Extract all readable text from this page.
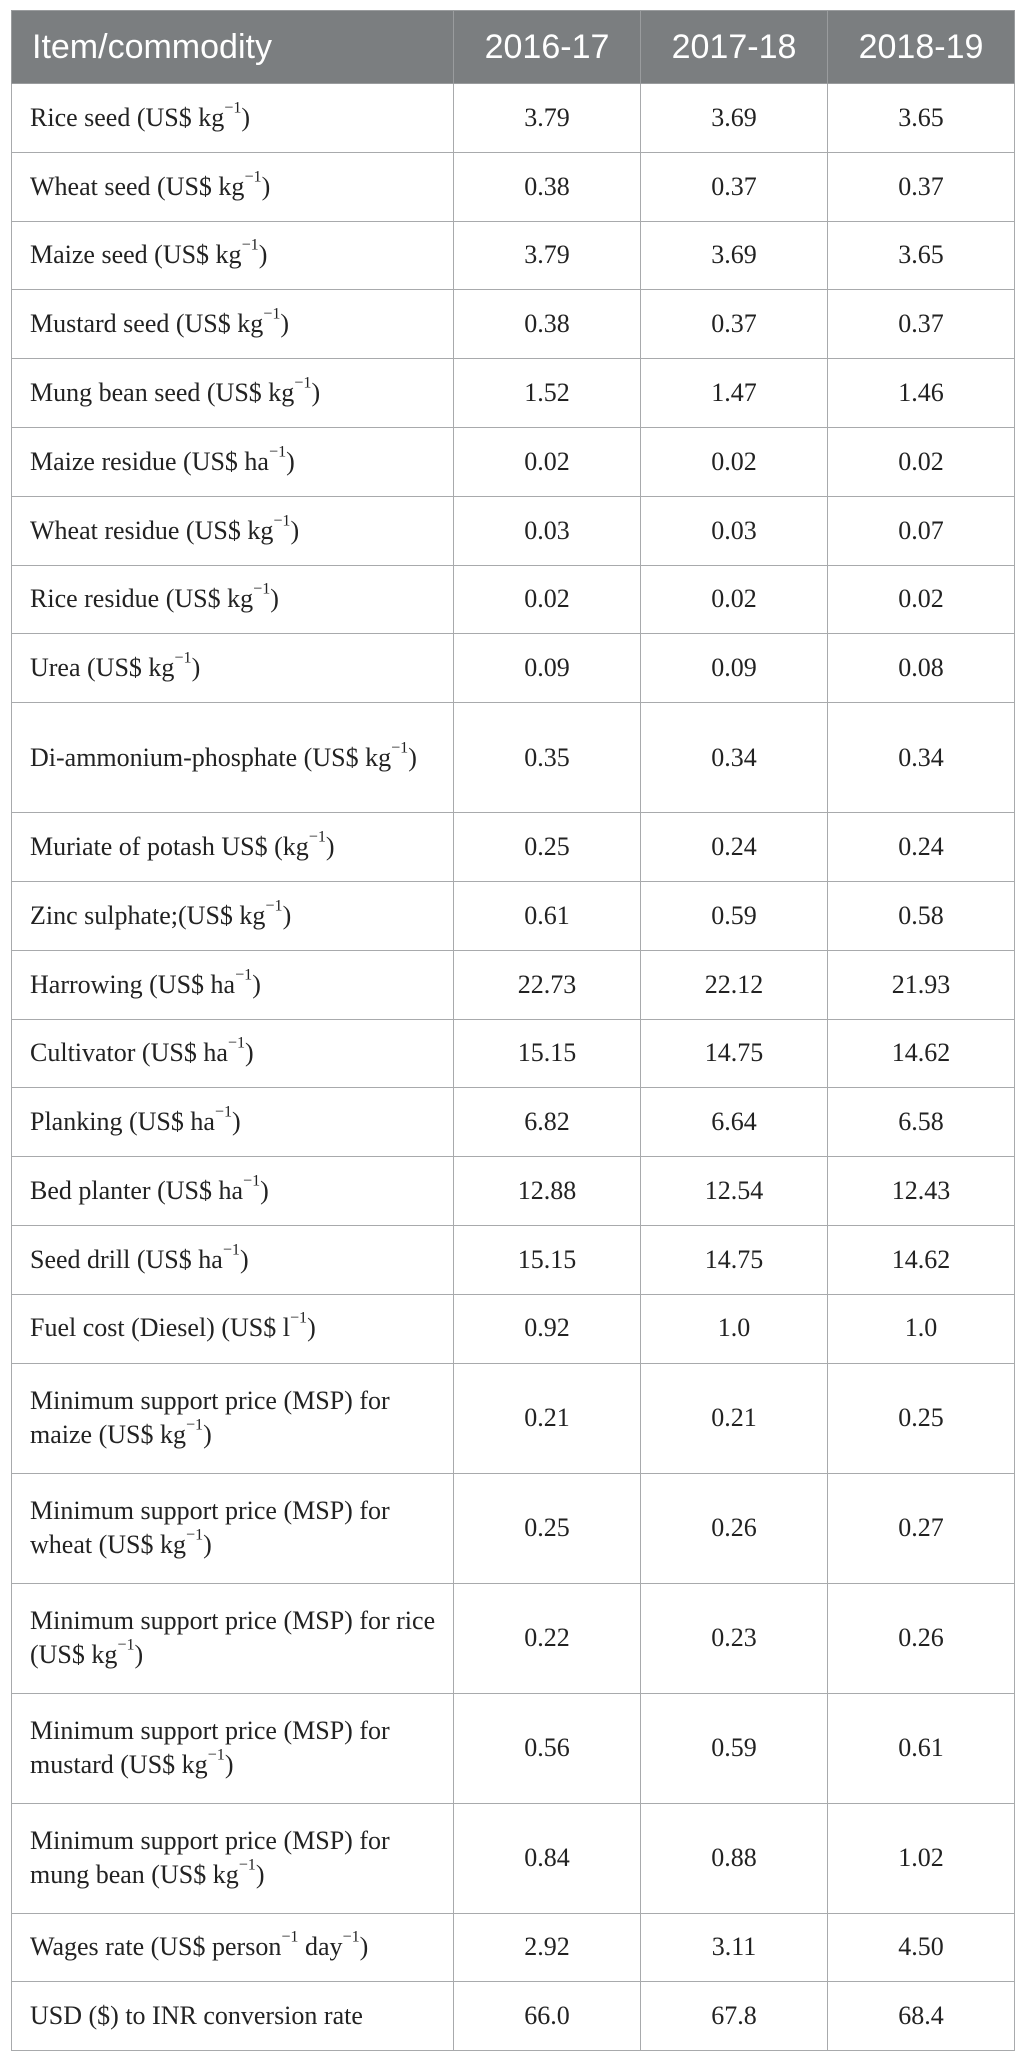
Item/commodity	2016-17	2017-18	2018-19
Rice seed (US$ $kg^{-1}$)	3.79	3.69	3.65
Wheat seed (US$ $kg^{-1}$)	0.38	0.37	0.37
Maize seed (US$ $kg^{-1}$)	3.79	3.69	3.65
Mustard seed (US$ $kg^{-1}$)	0.38	0.37	0.37
Mung bean seed (US$ $kg^{-1}$)	1.52	1.47	1.46
Maize residue (US$ $ha^{-1}$)	0.02	0.02	0.02
Wheat residue (US$ $kg^{-1}$)	0.03	0.03	0.07
Rice residue (US$ $kg^{-1}$)	0.02	0.02	0.02
Urea (US$ $kg^{-1}$)	0.09	0.09	0.08
Di-ammonium-phosphate (US$ $kg^{-1}$)	0.35	0.34	0.34
Muriate of potash US$ $(kg^{-1})$	0.25	0.24	0.24
Zinc sulphate;(US$ $kg^{-1}$)	0.61	0.59	0.58
Harrowing (US$ $ha^{-1}$)	22.73	22.12	21.93
Cultivator (US$ $ha^{-1}$)	15.15	14.75	14.62
Planking (US$ $ha^{-1}$)	6.82	6.64	6.58
Bed planter (US$ $ha^{-1}$)	12.88	12.54	12.43
Seed drill (US$ $ha^{-1}$)	15.15	14.75	14.62
Fuel cost (Diesel) (US$ $l^{-1}$)	0.92	1.0	1.0
Minimum support price (MSP) for maize (US$ $kg^{-1}$)	0.21	0.21	0.25
Minimum support price (MSP) for wheat (US$ $kg^{-1}$)	0.25	0.26	0.27
Minimum support price (MSP) for rice (US$ $kg^{-1}$)	0.22	0.23	0.26
Minimum support price (MSP) for mustard (US$ $kg^{-1}$)	0.56	0.59	0.61
Minimum support price (MSP) for mung bean (US$ $kg^{-1}$)	0.84	0.88	1.02
Wages rate (US$ person$^{-1}$ day$^{-1}$)	2.92	3.11	4.50
USD ($) to INR conversion rate	66.0	67.8	68.4
